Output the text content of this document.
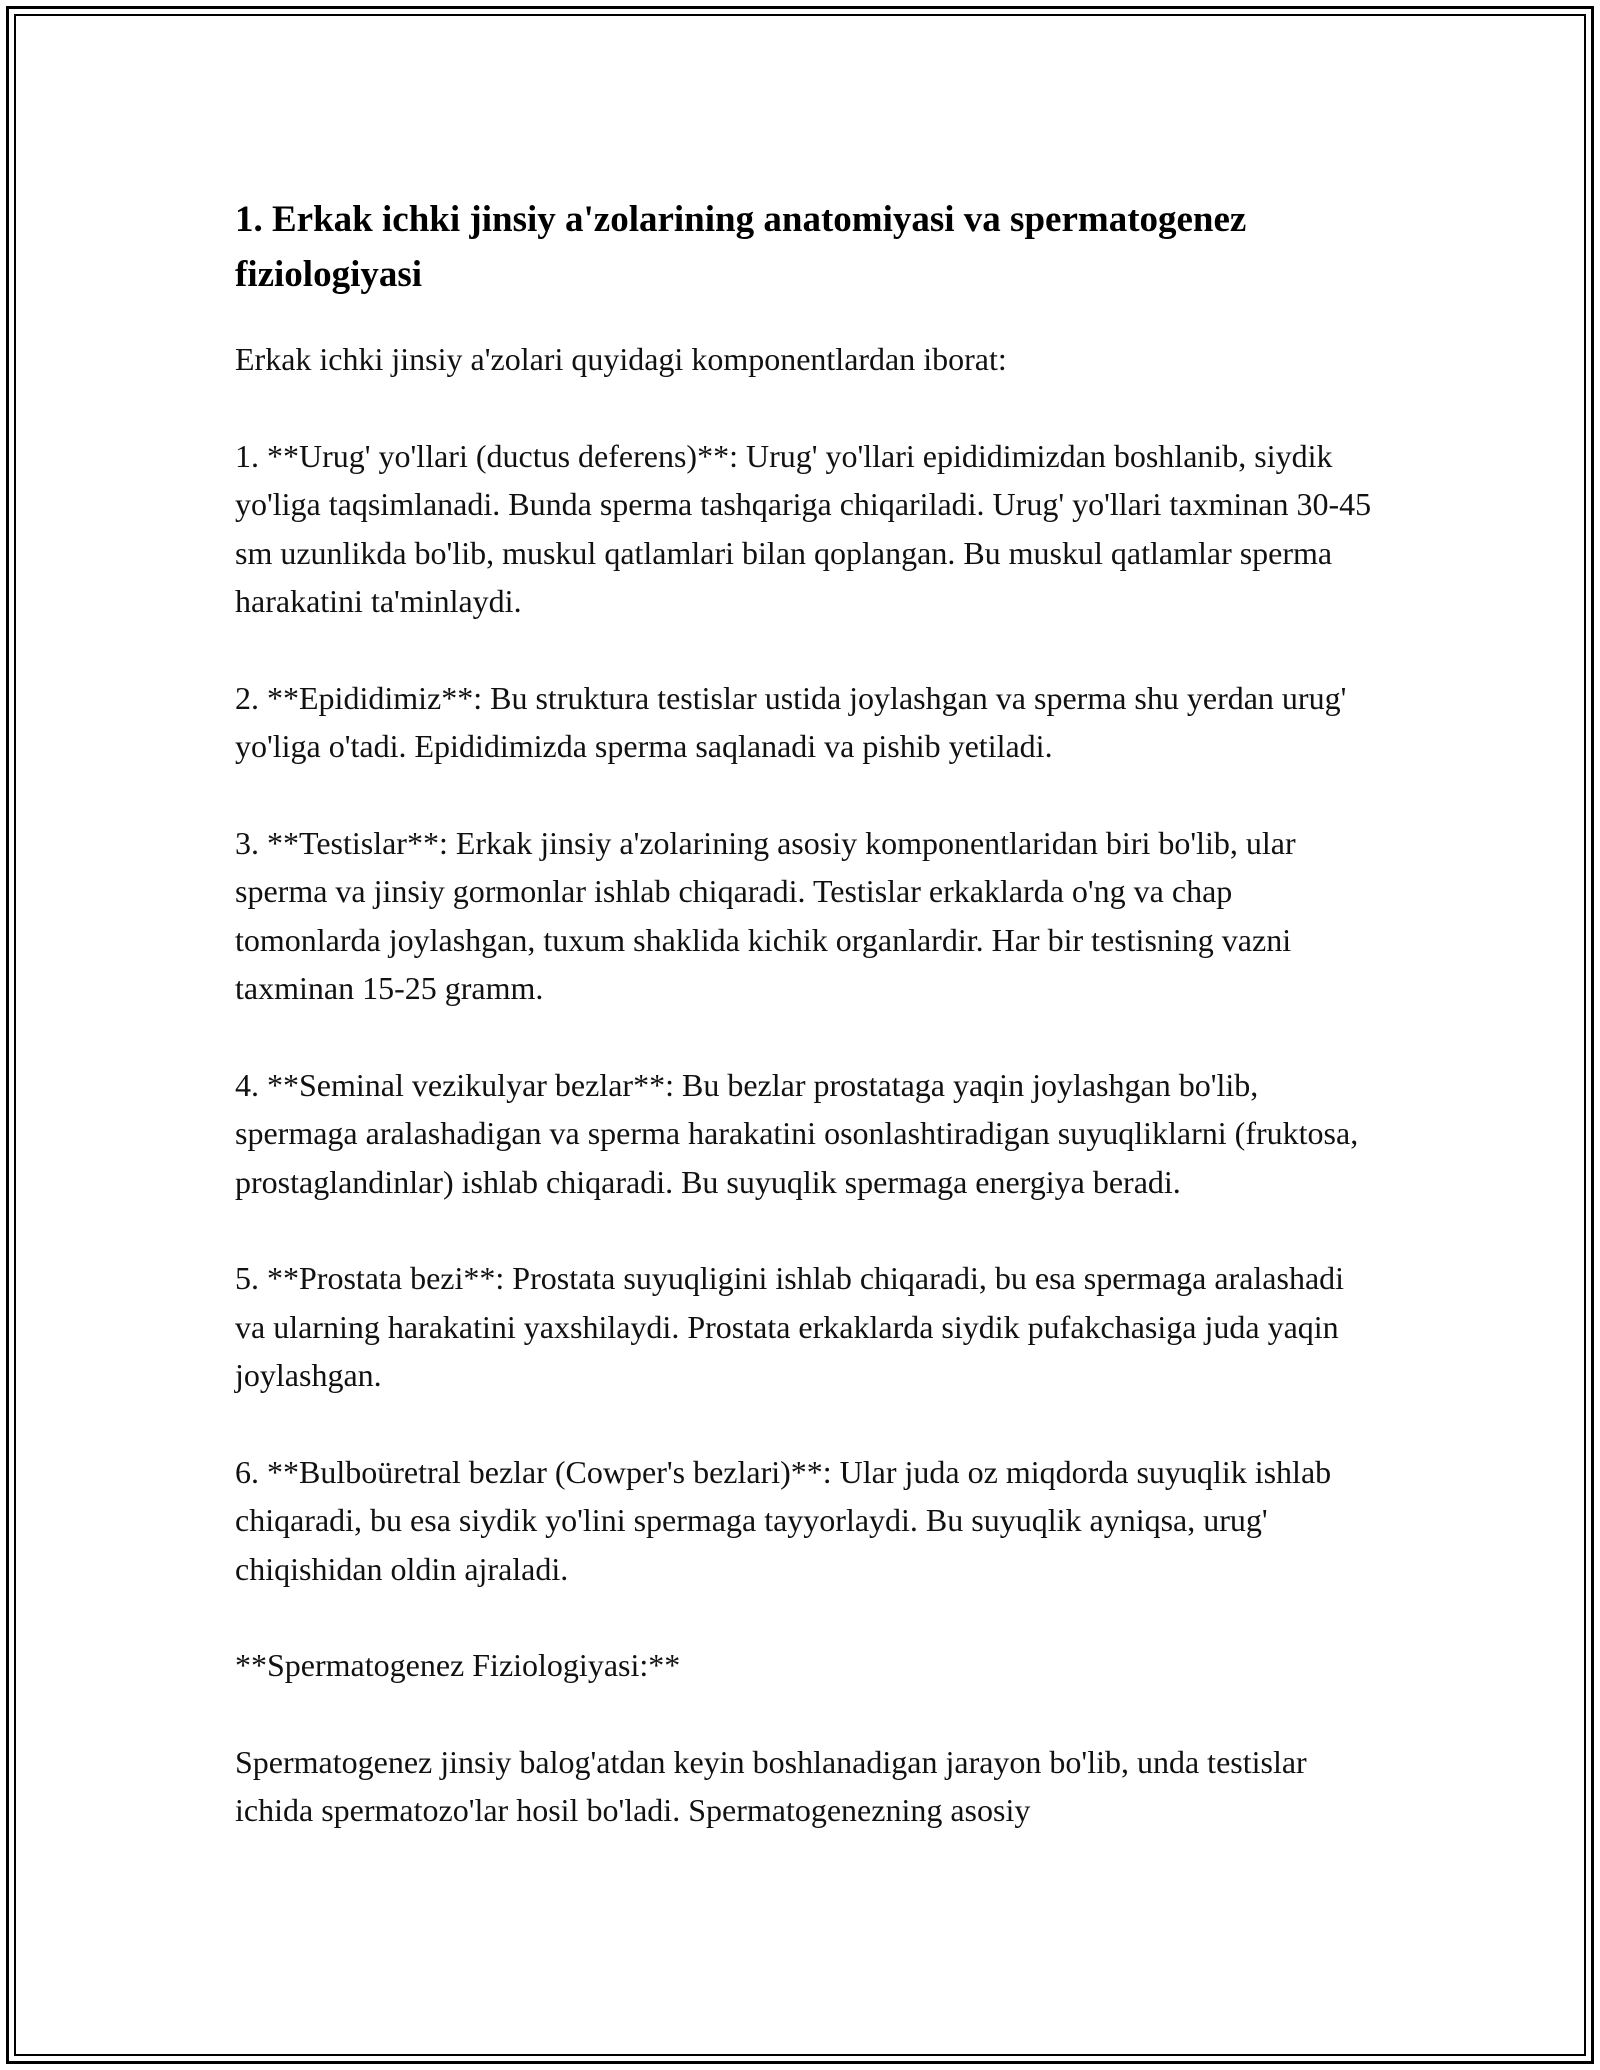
1. Erkak ichki jinsiy a'zolarining anatomiyasi va spermatogenez fiziologiyasi

Erkak ichki jinsiy a'zolari quyidagi komponentlardan iborat:

1. **Urug' yo'llari (ductus deferens)**: Urug' yo'llari epididimizdan boshlanib, siydik yo'liga taqsimlanadi. Bunda sperma tashqariga chiqariladi. Urug' yo'llari taxminan 30-45 sm uzunlikda bo'lib, muskul qatlamlari bilan qoplangan. Bu muskul qatlamlar sperma harakatini ta'minlaydi.

2. **Epididimiz**: Bu struktura testislar ustida joylashgan va sperma shu yerdan urug' yo'liga o'tadi. Epididimizda sperma saqlanadi va pishib yetiladi.

3. **Testislar**: Erkak jinsiy a'zolarining asosiy komponentlaridan biri bo'lib, ular sperma va jinsiy gormonlar ishlab chiqaradi. Testislar erkaklarda o'ng va chap tomonlarda joylashgan, tuxum shaklida kichik organlardir. Har bir testisning vazni taxminan 15-25 gramm.

4. **Seminal vezikulyar bezlar**: Bu bezlar prostataga yaqin joylashgan bo'lib, spermaga aralashadigan va sperma harakatini osonlashtiradigan suyuqliklarni (fruktosa, prostaglandinlar) ishlab chiqaradi. Bu suyuqlik spermaga energiya beradi.

5. **Prostata bezi**: Prostata suyuqligini ishlab chiqaradi, bu esa spermaga aralashadi va ularning harakatini yaxshilaydi. Prostata erkaklarda siydik pufakchasiga juda yaqin joylashgan.

6. **Bulboüretral bezlar (Cowper's bezlari)**: Ular juda oz miqdorda suyuqlik ishlab chiqaradi, bu esa siydik yo'lini spermaga tayyorlaydi. Bu suyuqlik ayniqsa, urug' chiqishidan oldin ajraladi.

**Spermatogenez Fiziologiyasi:**

Spermatogenez jinsiy balog'atdan keyin boshlanadigan jarayon bo'lib, unda testislar ichida spermatozo'lar hosil bo'ladi. Spermatogenezning asosiy
